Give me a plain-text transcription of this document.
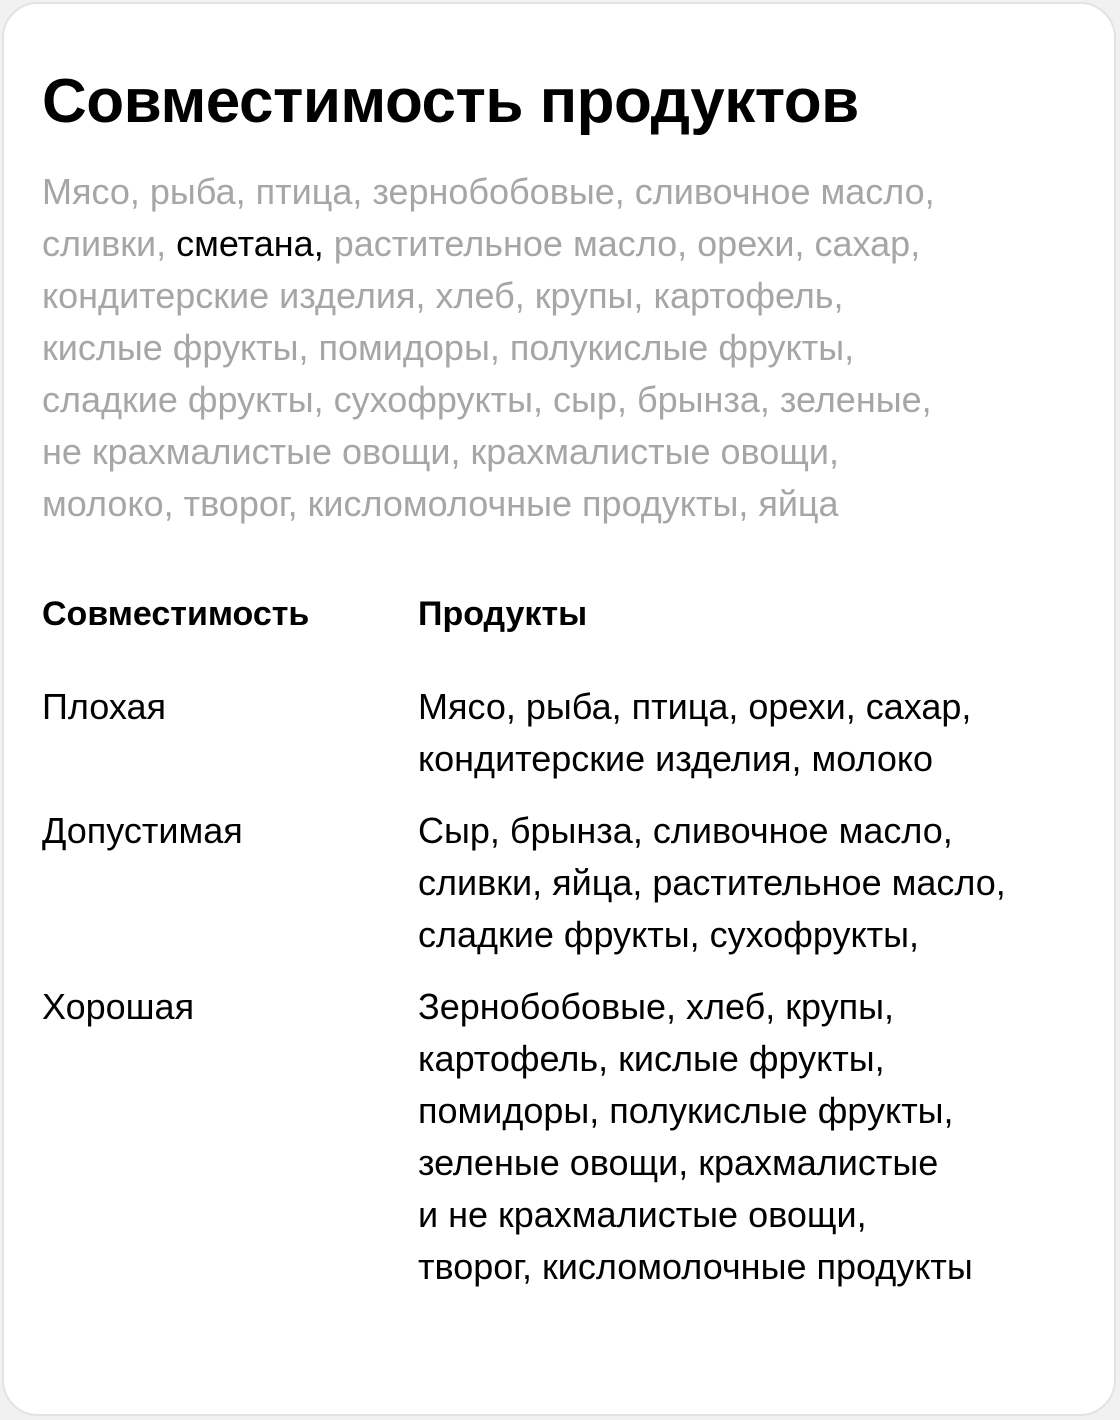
Совместимость продуктов
Мясо, рыба, птица, зернобобовые, сливочное масло,
сливки, сметана, растительное масло, орехи, сахар,
кондитерские изделия, хлеб, крупы, картофель,
кислые фрукты, помидоры, полукислые фрукты,
сладкие фрукты, сухофрукты, сыр, брынза, зеленые,
не крахмалистые овощи, крахмалистые овощи,
молоко, творог, кисломолочные продукты, яйца
Совместимость	Продукты
Плохая	Мясо, рыба, птица, орехи, сахар,
кондитерские изделия, молоко
Допустимая	Сыр, брынза, сливочное масло,
сливки, яйца, растительное масло,
сладкие фрукты, сухофрукты,
Хорошая	Зернобобовые, хлеб, крупы,
картофель, кислые фрукты,
помидоры, полукислые фрукты,
зеленые овощи, крахмалистые
и не крахмалистые овощи,
творог, кисломолочные продукты
